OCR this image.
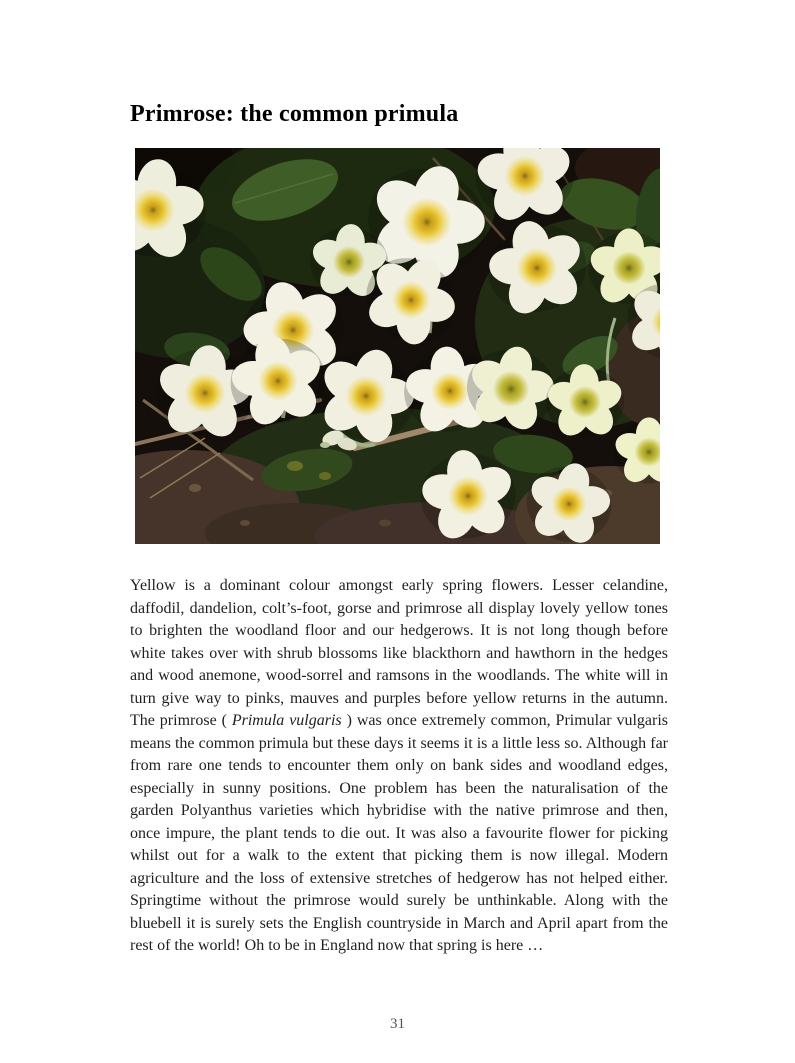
Primrose: the common primula

Yellow is a dominant colour amongst early spring flowers. Lesser celandine, daffodil, dandelion, colt’s-foot, gorse and primrose all display lovely yellow tones to brighten the woodland floor and our hedgerows. It is not long though before white takes over with shrub blossoms like blackthorn and hawthorn in the hedges and wood anemone, wood-sorrel and ramsons in the woodlands. The white will in turn give way to pinks, mauves and purples before yellow returns in the autumn. The primrose ( Primula vulgaris ) was once extremely common, Primular vulgaris means the common primula but these days it seems it is a little less so. Although far from rare one tends to encounter them only on bank sides and woodland edges, especially in sunny positions. One problem has been the naturalisation of the garden Polyanthus varieties which hybridise with the native primrose and then, once impure, the plant tends to die out. It was also a favourite flower for picking whilst out for a walk to the extent that picking them is now illegal. Modern agriculture and the loss of extensive stretches of hedgerow has not helped either. Springtime without the primrose would surely be unthinkable. Along with the bluebell it is surely sets the English countryside in March and April apart from the rest of the world! Oh to be in England now that spring is here …

31
